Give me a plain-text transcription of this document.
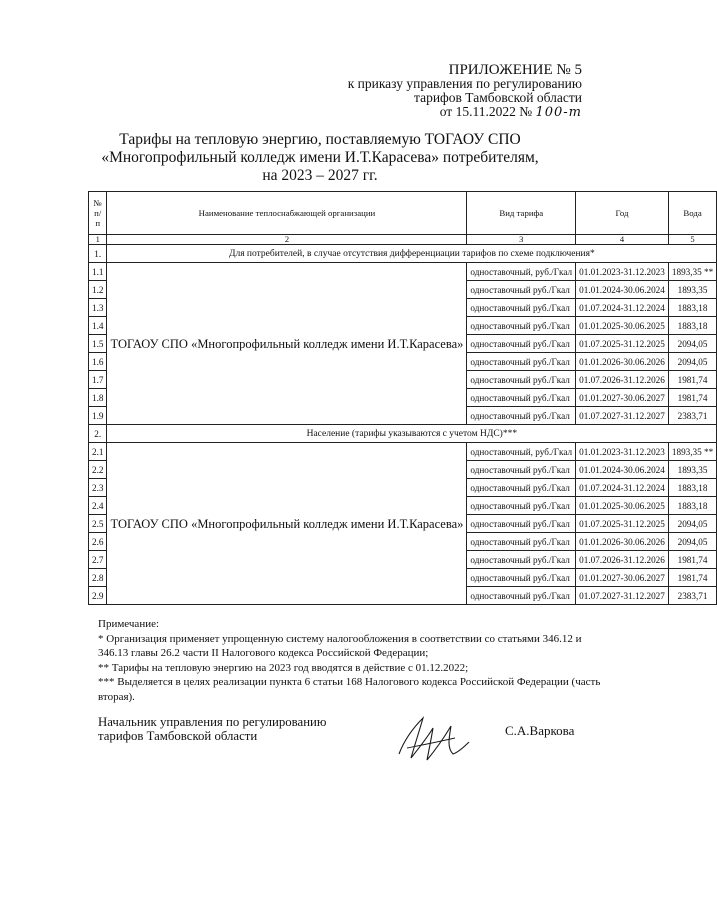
ПРИЛОЖЕНИЕ № 5
к приказу управления по регулированию
тарифов Тамбовской области
от 15.11.2022 № 100-т
Тарифы на тепловую энергию, поставляемую ТОГАОУ СПО
«Многопрофильный колледж имени И.Т.Карасева» потребителям,
на 2023 – 2027 гг.
№ п/п	Наименование теплоснабжающей организации	Вид тарифа	Год	Вода
1	2	3	4	5
1.	Для потребителей, в случае отсутствия дифференциации тарифов по схеме подключения*			
1.1	ТОГАОУ СПО «Многопрофильный колледж имени И.Т.Карасева»	одноставочный, руб./Гкал	01.01.2023-31.12.2023	1893,35 **
1.2		одноставочный руб./Гкал	01.01.2024-30.06.2024	1893,35
1.3		одноставочный руб./Гкал	01.07.2024-31.12.2024	1883,18
1.4		одноставочный руб./Гкал	01.01.2025-30.06.2025	1883,18
1.5		одноставочный руб./Гкал	01.07.2025-31.12.2025	2094,05
1.6		одноставочный руб./Гкал	01.01.2026-30.06.2026	2094,05
1.7		одноставочный руб./Гкал	01.07.2026-31.12.2026	1981,74
1.8		одноставочный руб./Гкал	01.01.2027-30.06.2027	1981,74
1.9		одноставочный руб./Гкал	01.07.2027-31.12.2027	2383,71
2.	Население (тарифы указываются с учетом НДС)***			
2.1	ТОГАОУ СПО «Многопрофильный колледж имени И.Т.Карасева»	одноставочный, руб./Гкал	01.01.2023-31.12.2023	1893,35 **
2.2		одноставочный руб./Гкал	01.01.2024-30.06.2024	1893,35
2.3		одноставочный руб./Гкал	01.07.2024-31.12.2024	1883,18
2.4		одноставочный руб./Гкал	01.01.2025-30.06.2025	1883,18
2.5		одноставочный руб./Гкал	01.07.2025-31.12.2025	2094,05
2.6		одноставочный руб./Гкал	01.01.2026-30.06.2026	2094,05
2.7		одноставочный руб./Гкал	01.07.2026-31.12.2026	1981,74
2.8		одноставочный руб./Гкал	01.01.2027-30.06.2027	1981,74
2.9		одноставочный руб./Гкал	01.07.2027-31.12.2027	2383,71
Примечание:
* Организация применяет упрощенную систему налогообложения в соответствии со статьями 346.12 и 346.13 главы 26.2 части II Налогового кодекса Российской Федерации;
** Тарифы на тепловую энергию на 2023 год вводятся в действие с 01.12.2022;
*** Выделяется в целях реализации пункта 6 статьи 168 Налогового кодекса Российской Федерации (часть вторая).
Начальник управления по регулированию
тарифов Тамбовской области	С.А.Варкова
